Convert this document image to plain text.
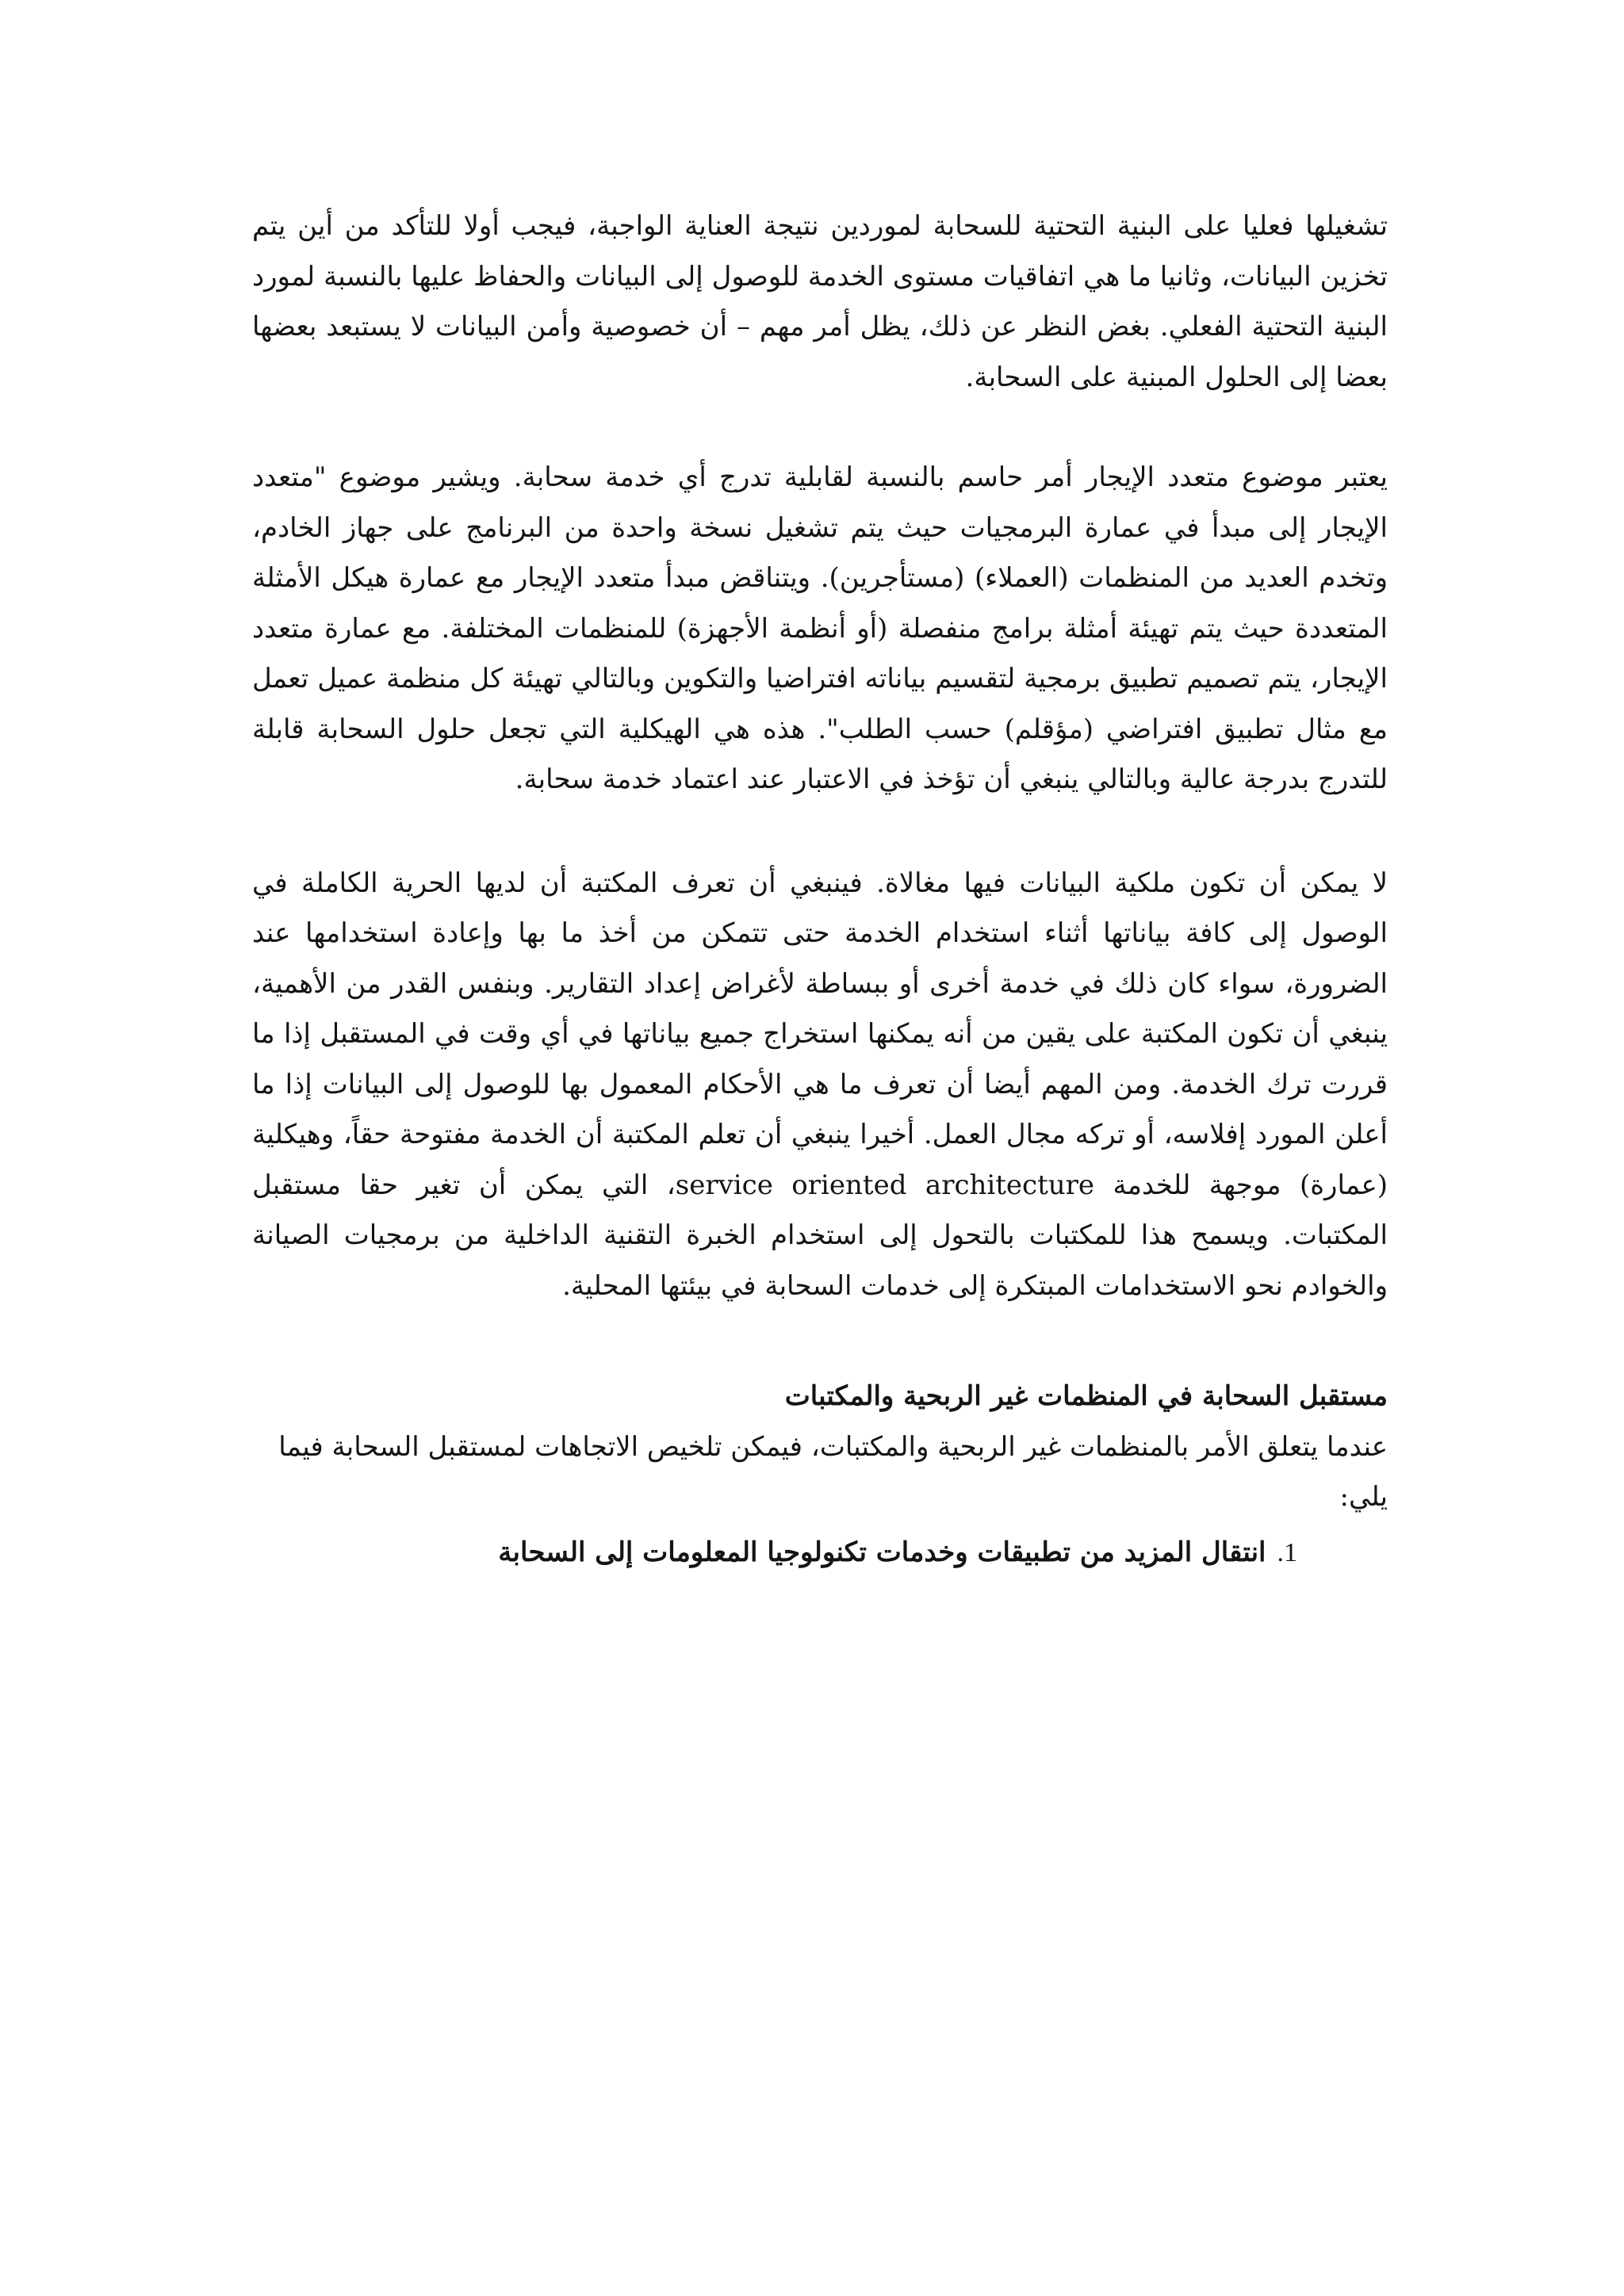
تشغيلها فعليا على البنية التحتية للسحابة لموردين نتيجة العناية الواجبة، فيجب أولا للتأكد من أين يتم تخزين البيانات، وثانيا ما هي اتفاقيات مستوى الخدمة للوصول إلى البيانات والحفاظ عليها بالنسبة لمورد البنية التحتية الفعلي. بغض النظر عن ذلك، يظل أمر مهم – أن خصوصية وأمن البيانات لا يستبعد بعضها بعضا إلى الحلول المبنية على السحابة.

يعتبر موضوع متعدد الإيجار أمر حاسم بالنسبة لقابلية تدرج أي خدمة سحابة. ويشير موضوع "متعدد الإيجار إلى مبدأ في عمارة البرمجيات حيث يتم تشغيل نسخة واحدة من البرنامج على جهاز الخادم، وتخدم العديد من المنظمات (العملاء) (مستأجرين). ويتناقض مبدأ متعدد الإيجار مع عمارة هيكل الأمثلة المتعددة حيث يتم تهيئة أمثلة برامج منفصلة (أو أنظمة الأجهزة) للمنظمات المختلفة. مع عمارة متعدد الإيجار، يتم تصميم تطبيق برمجية لتقسيم بياناته افتراضيا والتكوين وبالتالي تهيئة كل منظمة عميل تعمل مع مثال تطبيق افتراضي (مؤقلم) حسب الطلب". هذه هي الهيكلية التي تجعل حلول السحابة قابلة للتدرج بدرجة عالية وبالتالي ينبغي أن تؤخذ في الاعتبار عند اعتماد خدمة سحابة.

لا يمكن أن تكون ملكية البيانات فيها مغالاة. فينبغي أن تعرف المكتبة أن لديها الحرية الكاملة في الوصول إلى كافة بياناتها أثناء استخدام الخدمة حتى تتمكن من أخذ ما بها وإعادة استخدامها عند الضرورة، سواء كان ذلك في خدمة أخرى أو ببساطة لأغراض إعداد التقارير. وبنفس القدر من الأهمية، ينبغي أن تكون المكتبة على يقين من أنه يمكنها استخراج جميع بياناتها في أي وقت في المستقبل إذا ما قررت ترك الخدمة. ومن المهم أيضا أن تعرف ما هي الأحكام المعمول بها للوصول إلى البيانات إذا ما أعلن المورد إفلاسه، أو تركه مجال العمل. أخيرا ينبغي أن تعلم المكتبة أن الخدمة مفتوحة حقاً، وهيكلية (عمارة) موجهة للخدمة service oriented architecture، التي يمكن أن تغير حقا مستقبل المكتبات. ويسمح هذا للمكتبات بالتحول إلى استخدام الخبرة التقنية الداخلية من برمجيات الصيانة والخوادم نحو الاستخدامات المبتكرة إلى خدمات السحابة في بيئتها المحلية.

مستقبل السحابة في المنظمات غير الربحية والمكتبات

عندما يتعلق الأمر بالمنظمات غير الربحية والمكتبات، فيمكن تلخيص الاتجاهات لمستقبل السحابة فيما يلي:

1.انتقال المزيد من تطبيقات وخدمات تكنولوجيا المعلومات إلى السحابة
